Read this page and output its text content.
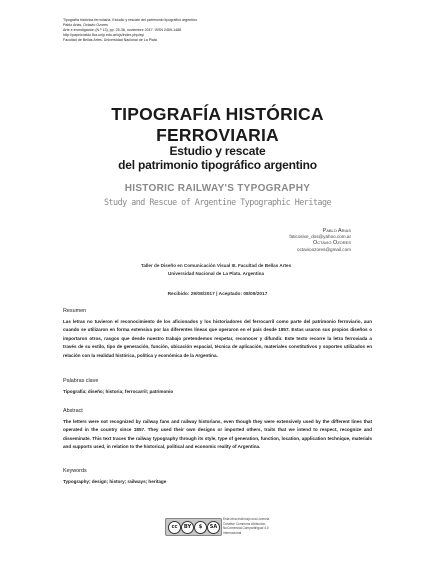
Tipografía histórica ferroviaria. Estudio y rescate del patrimonio tipográfico argentino
Pablo Arias, Octavio Ozores
Arte e investigación (N.º 13), pp. 25-38, noviembre 2017. ISSN 2469-1488
http://papelcosido.fba.unlp.edu.ar/ojs/index.php/ayi
Facultad de Bellas Artes. Universidad Nacional de La Plata
TIPOGRAFÍA HISTÓRICA
FERROVIARIA
Estudio y rescate
del patrimonio tipográfico argentino
HISTORIC RAILWAY'S TYPOGRAPHY
Study and Rescue of Argentine Typographic Heritage
Pablo Arias
faticosive_dos@yahoo.com.ar
Octavio Ozores
octavioozores@gmail.com
Taller de Diseño en Comunicación Visual III. Facultad de Bellas Artes
Universidad Nacional de La Plata. Argentina
Recibido: 29/08/2017 | Aceptado: 08/09/2017
Resumen
Las letras no tuvieron el reconocimiento de los aficionados y los historiadores del ferrocarril como parte del patrimonio ferroviario, aun cuando se utilizaron en forma extensiva por las diferentes líneas que operaron en el país desde 1857. Estas usaron sus propios diseños o importaron otros, rasgos que desde nuestro trabajo pretendemos respetar, reconocer y difundir. Este texto recorre la letra ferroviada a través de su estilo, tipo de generación, función, ubicación espacial, técnica de aplicación, materiales constitutivos y soportes utilizados en relación con la realidad histórica, política y económica de la Argentina.
Palabras clave
Tipografía; diseño; historia; ferrocarril; patrimonio
Abstract
The letters were not recognized by railway fans and railway historians, even though they were extensively used by the different lines that operated in the country since 1857. They used their own designs or imported others, traits that we intend to respect, recognize and disseminate. This text traces the railway typography through its style, type of generation, function, location, application technique, materials and supports used, in relation to the historical, political and economic reality of Argentina.
Keywords
Typography; design; history; railways; heritage
cc	BY	$	SA
Esta obra está bajo una Licencia Creative Commons Atribución-NoComercial-CompartirIgual 4.0 Internacional
